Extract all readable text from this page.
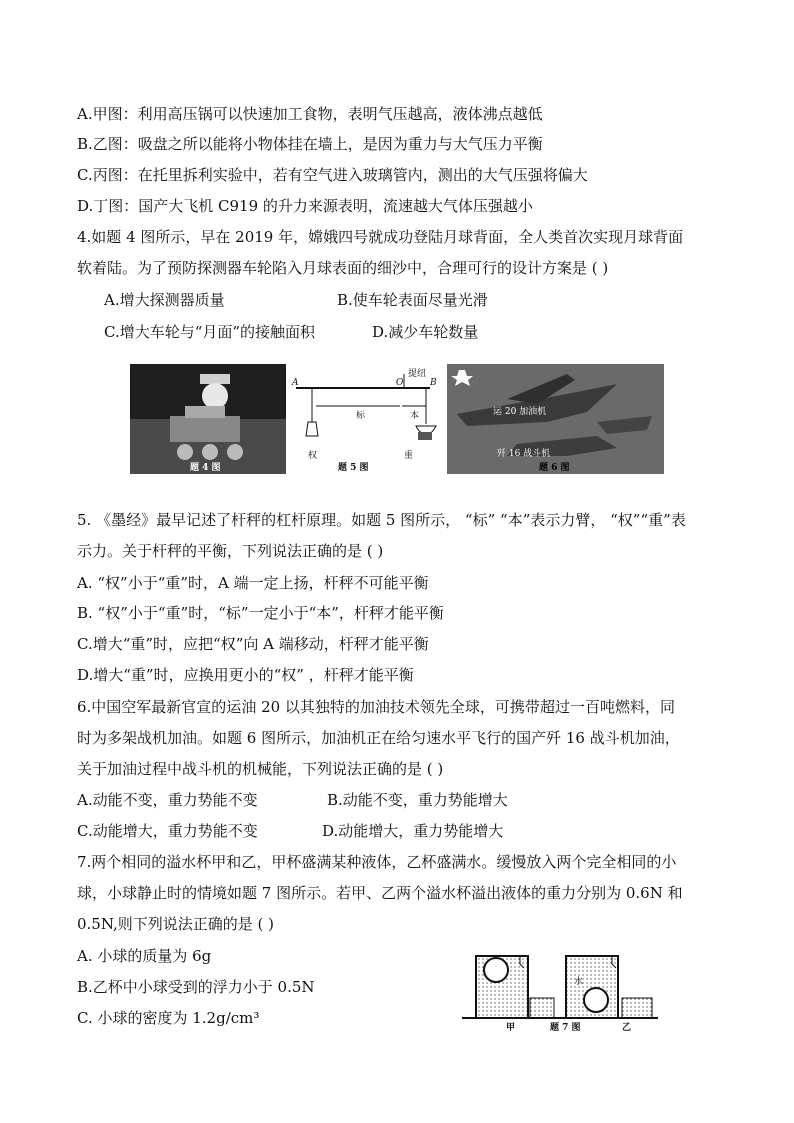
A.甲图：利用高压锅可以快速加工食物，表明气压越高，液体沸点越低
B.乙图：吸盘之所以能将小物体挂在墙上，是因为重力与大气压力平衡
C.丙图：在托里拆利实验中，若有空气进入玻璃管内，测出的大气压强将偏大
D.丁图：国产大飞机 C919 的升力来源表明，流速越大气体压强越小
4.如题 4 图所示，早在 2019 年，嫦娥四号就成功登陆月球背面，全人类首次实现月球背面
软着陆。为了预防探测器车轮陷入月球表面的细沙中，合理可行的设计方案是 ( )
A.增大探测器质量	B.使车轮表面尽量光滑
C.增大车轮与“月面”的接触面积	D.减少车轮数量
题 4 图
A	O	B
提纽
标	本
权	重
题 5 图
运 20 加油机
歼 16 战斗机
题 6 图
5. 《墨经》最早记述了杆秤的杠杆原理。如题 5 图所示， “标” “本”表示力臂， “权”“重”表
示力。关于杆秤的平衡，下列说法正确的是 ( )
A. “权”小于“重”时，A 端一定上扬，杆秤不可能平衡
B. “权”小于“重”时，“标”一定小于“本”，杆秤才能平衡
C.增大“重”时，应把“权”向 A 端移动，杆秤才能平衡
D.增大“重”时，应换用更小的“权” ，杆秤才能平衡
6.中国空军最新官宣的运油 20 以其独特的加油技术领先全球，可携带超过一百吨燃料，同
时为多架战机加油。如题 6 图所示，加油机正在给匀速水平飞行的国产歼 16 战斗机加油，
关于加油过程中战斗机的机械能，下列说法正确的是 ( )
A.动能不变，重力势能不变	B.动能不变，重力势能增大
C.动能增大，重力势能不变	D.动能增大，重力势能增大
7.两个相同的溢水杯甲和乙，甲杯盛满某种液体，乙杯盛满水。缓慢放入两个完全相同的小
球，小球静止时的情境如题 7 图所示。若甲、乙两个溢水杯溢出液体的重力分别为 0.6N 和
0.5N,则下列说法正确的是 ( )
A. 小球的质量为 6g
B.乙杯中小球受到的浮力小于 0.5N
C. 小球的密度为 1.2g/cm³
水
甲	题 7 图	乙
